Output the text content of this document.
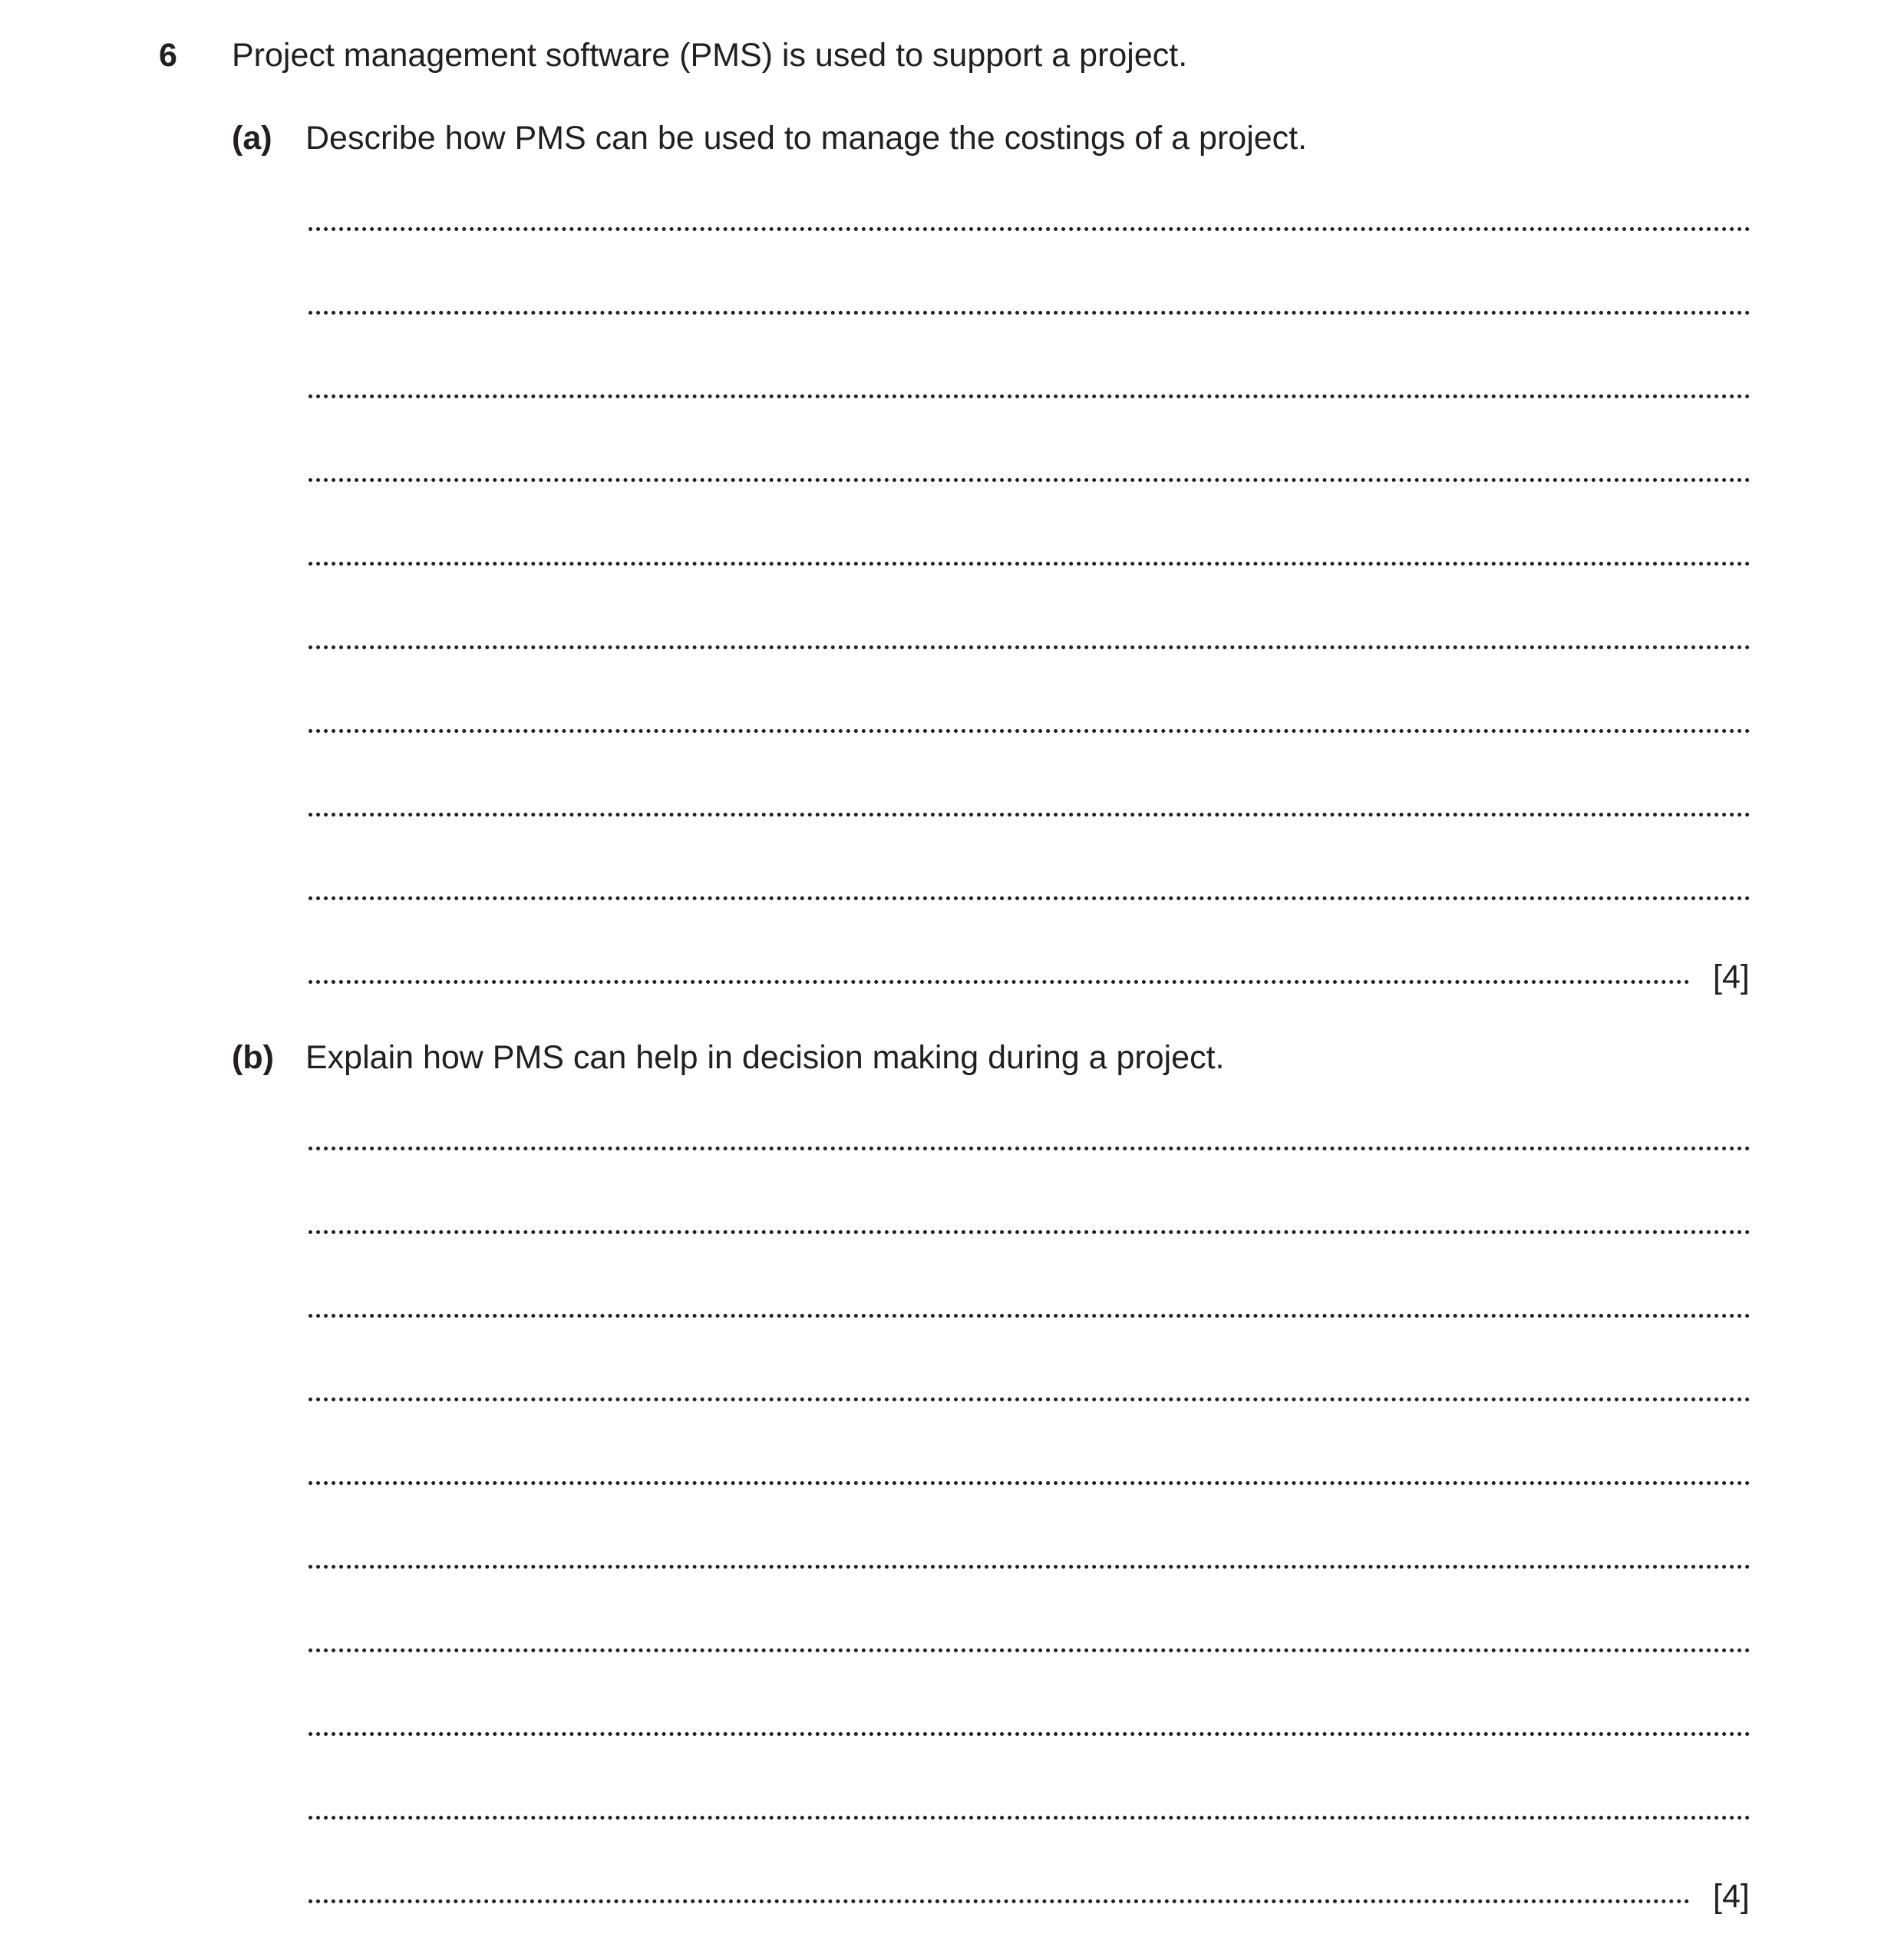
6 Project management software (PMS) is used to support a project.
(a) Describe how PMS can be used to manage the costings of a project.
[4]
(b) Explain how PMS can help in decision making during a project.
[4]
